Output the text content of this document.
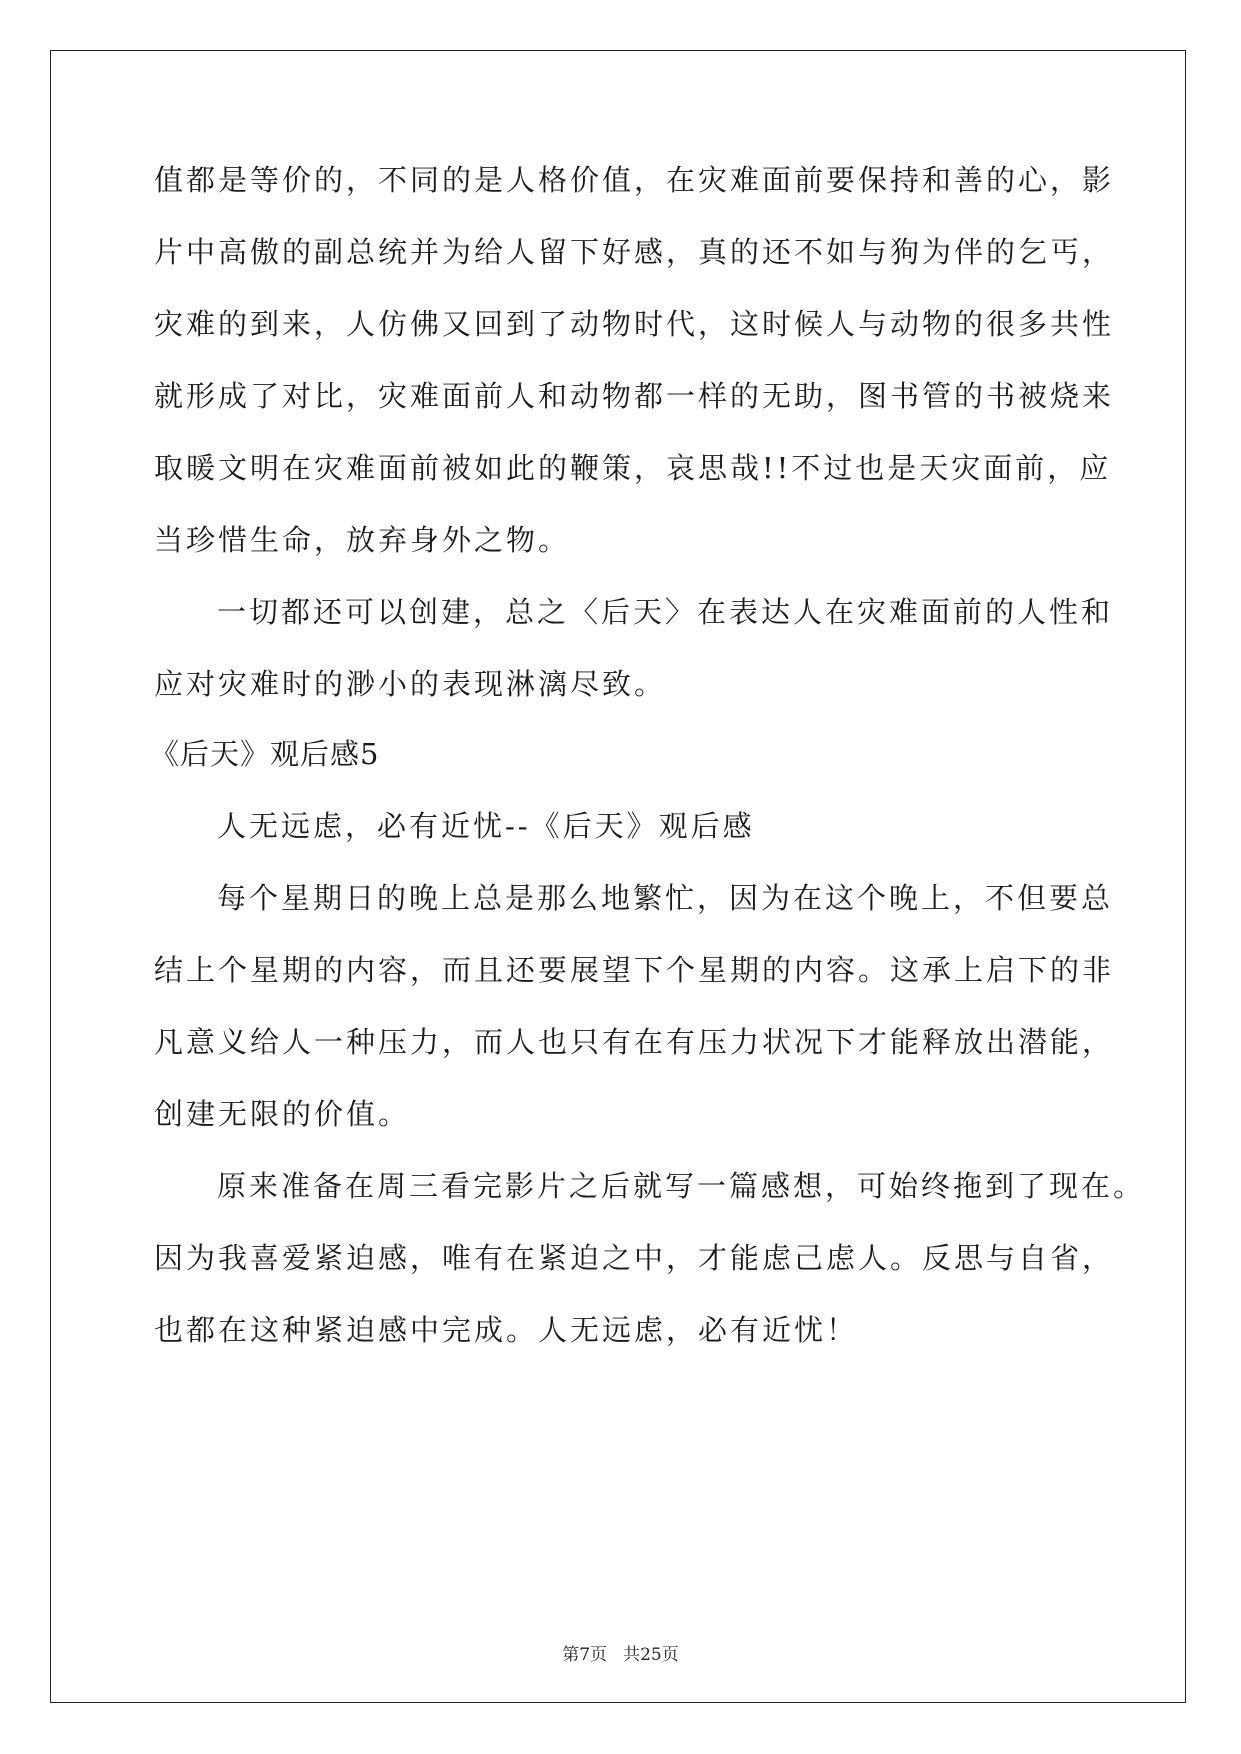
值都是等价的，不同的是人格价值，在灾难面前要保持和善的心，影
片中高傲的副总统并为给人留下好感，真的还不如与狗为伴的乞丐，
灾难的到来，人仿佛又回到了动物时代，这时候人与动物的很多共性
就形成了对比，灾难面前人和动物都一样的无助，图书管的书被烧来
取暖文明在灾难面前被如此的鞭策，哀思哉!!不过也是天灾面前，应
当珍惜生命，放弃身外之物。
一切都还可以创建，总之〈后天〉在表达人在灾难面前的人性和
应对灾难时的渺小的表现淋漓尽致。
《后天》观后感5
人无远虑，必有近忧--《后天》观后感
每个星期日的晚上总是那么地繁忙，因为在这个晚上，不但要总
结上个星期的内容，而且还要展望下个星期的内容。这承上启下的非
凡意义给人一种压力，而人也只有在有压力状况下才能释放出潜能，
创建无限的价值。
原来准备在周三看完影片之后就写一篇感想，可始终拖到了现在。
因为我喜爱紧迫感，唯有在紧迫之中，才能虑己虑人。反思与自省，
也都在这种紧迫感中完成。人无远虑，必有近忧！
第7页 共25页
